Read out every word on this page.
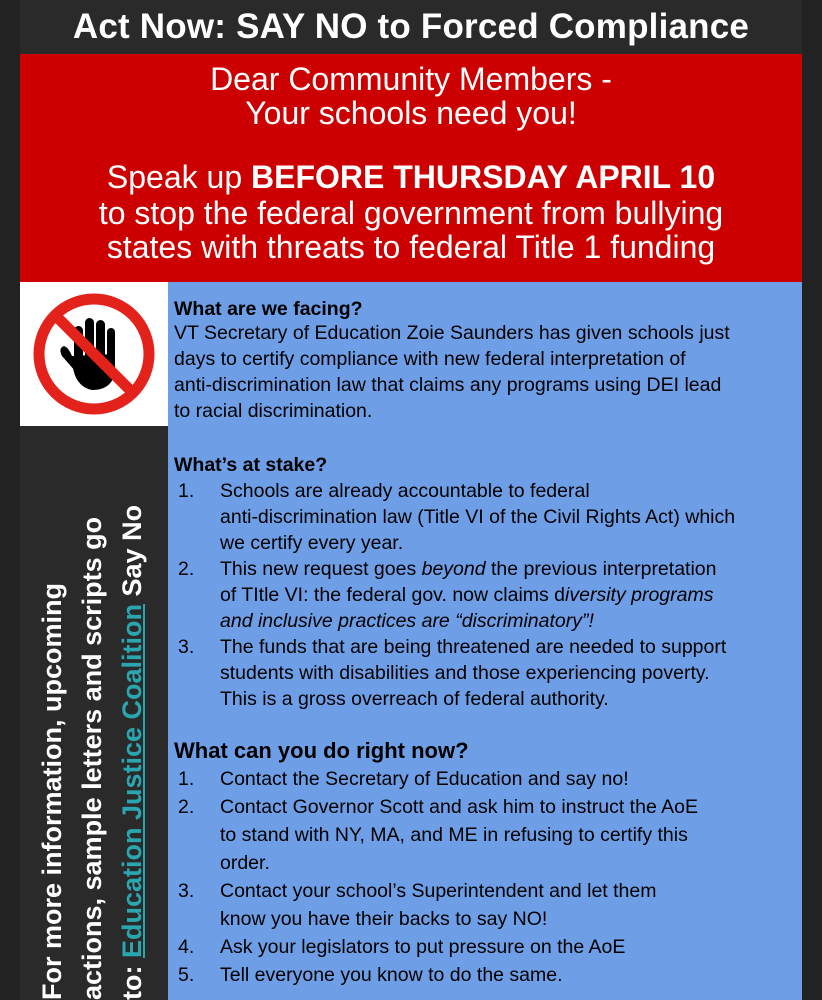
Act Now: SAY NO to Forced Compliance
Dear Community Members -
Your schools need you!
Speak up BEFORE THURSDAY APRIL 10
to stop the federal government from bullying
states with threats to federal Title 1 funding
For more information, upcoming actions, sample letters and scripts go to: Education Justice Coalition Say No
What are we facing?
VT Secretary of Education Zoie Saunders has given schools just
days to certify compliance with new federal interpretation of
anti-discrimination law that claims any programs using DEI lead
to racial discrimination.
What’s at stake?
1. Schools are already accountable to federal
anti-discrimination law (Title VI of the Civil Rights Act) which
we certify every year.
2. This new request goes beyond the previous interpretation
of TItle VI: the federal gov. now claims diversity programs
and inclusive practices are “discriminatory”!
3. The funds that are being threatened are needed to support
students with disabilities and those experiencing poverty.
This is a gross overreach of federal authority.
What can you do right now?
1. Contact the Secretary of Education and say no!
2. Contact Governor Scott and ask him to instruct the AoE
to stand with NY, MA, and ME in refusing to certify this
order.
3. Contact your school’s Superintendent and let them
know you have their backs to say NO!
4. Ask your legislators to put pressure on the AoE
5. Tell everyone you know to do the same.
